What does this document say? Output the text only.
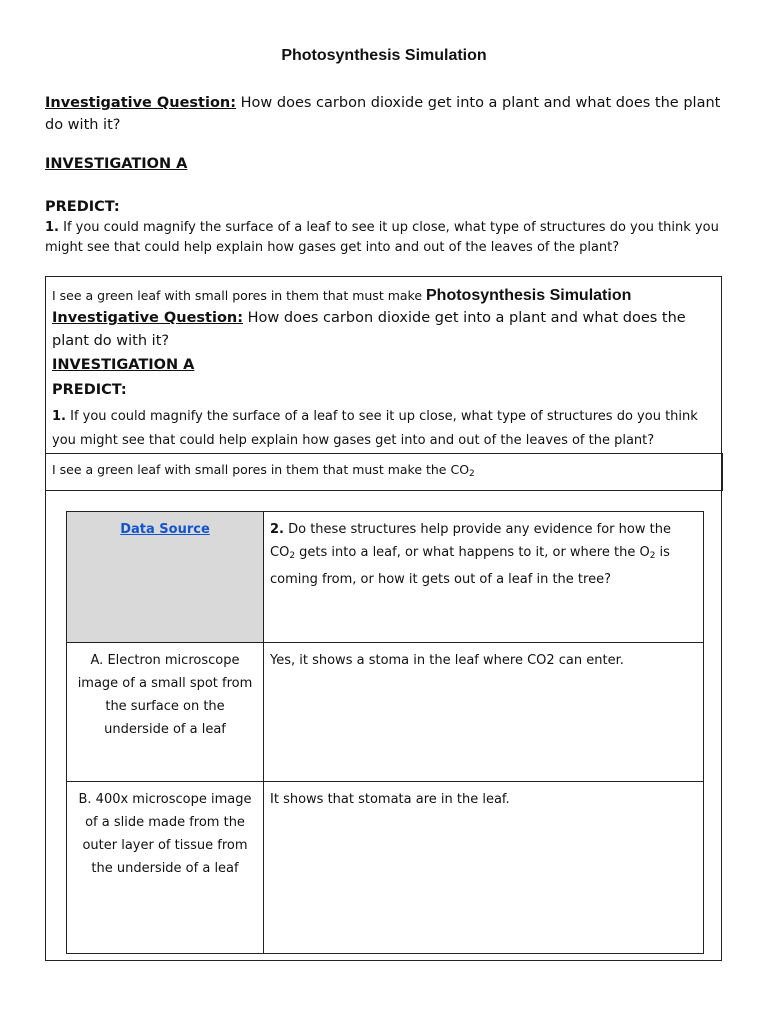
Photosynthesis Simulation
Investigative Question: How does carbon dioxide get into a plant and what does the plant do with it?
INVESTIGATION A
PREDICT:
1. If you could magnify the surface of a leaf to see it up close, what type of structures do you think you might see that could help explain how gases get into and out of the leaves of the plant?
I see a green leaf with small pores in them that must make Photosynthesis Simulation
Investigative Question: How does carbon dioxide get into a plant and what does the plant do with it?
INVESTIGATION A
PREDICT:
1. If you could magnify the surface of a leaf to see it up close, what type of structures do you think you might see that could help explain how gases get into and out of the leaves of the plant?
I see a green leaf with small pores in them that must make the $CO_2$
Data Source	2. Do these structures help provide any evidence for how the $CO_2$ gets into a leaf, or what happens to it, or where the $O_2$ is coming from, or how it gets out of a leaf in the tree?
A. Electron microscope image of a small spot from the surface on the underside of a leaf	Yes, it shows a stoma in the leaf where CO2 can enter.
B. 400x microscope image of a slide made from the outer layer of tissue from the underside of a leaf	It shows that stomata are in the leaf.
